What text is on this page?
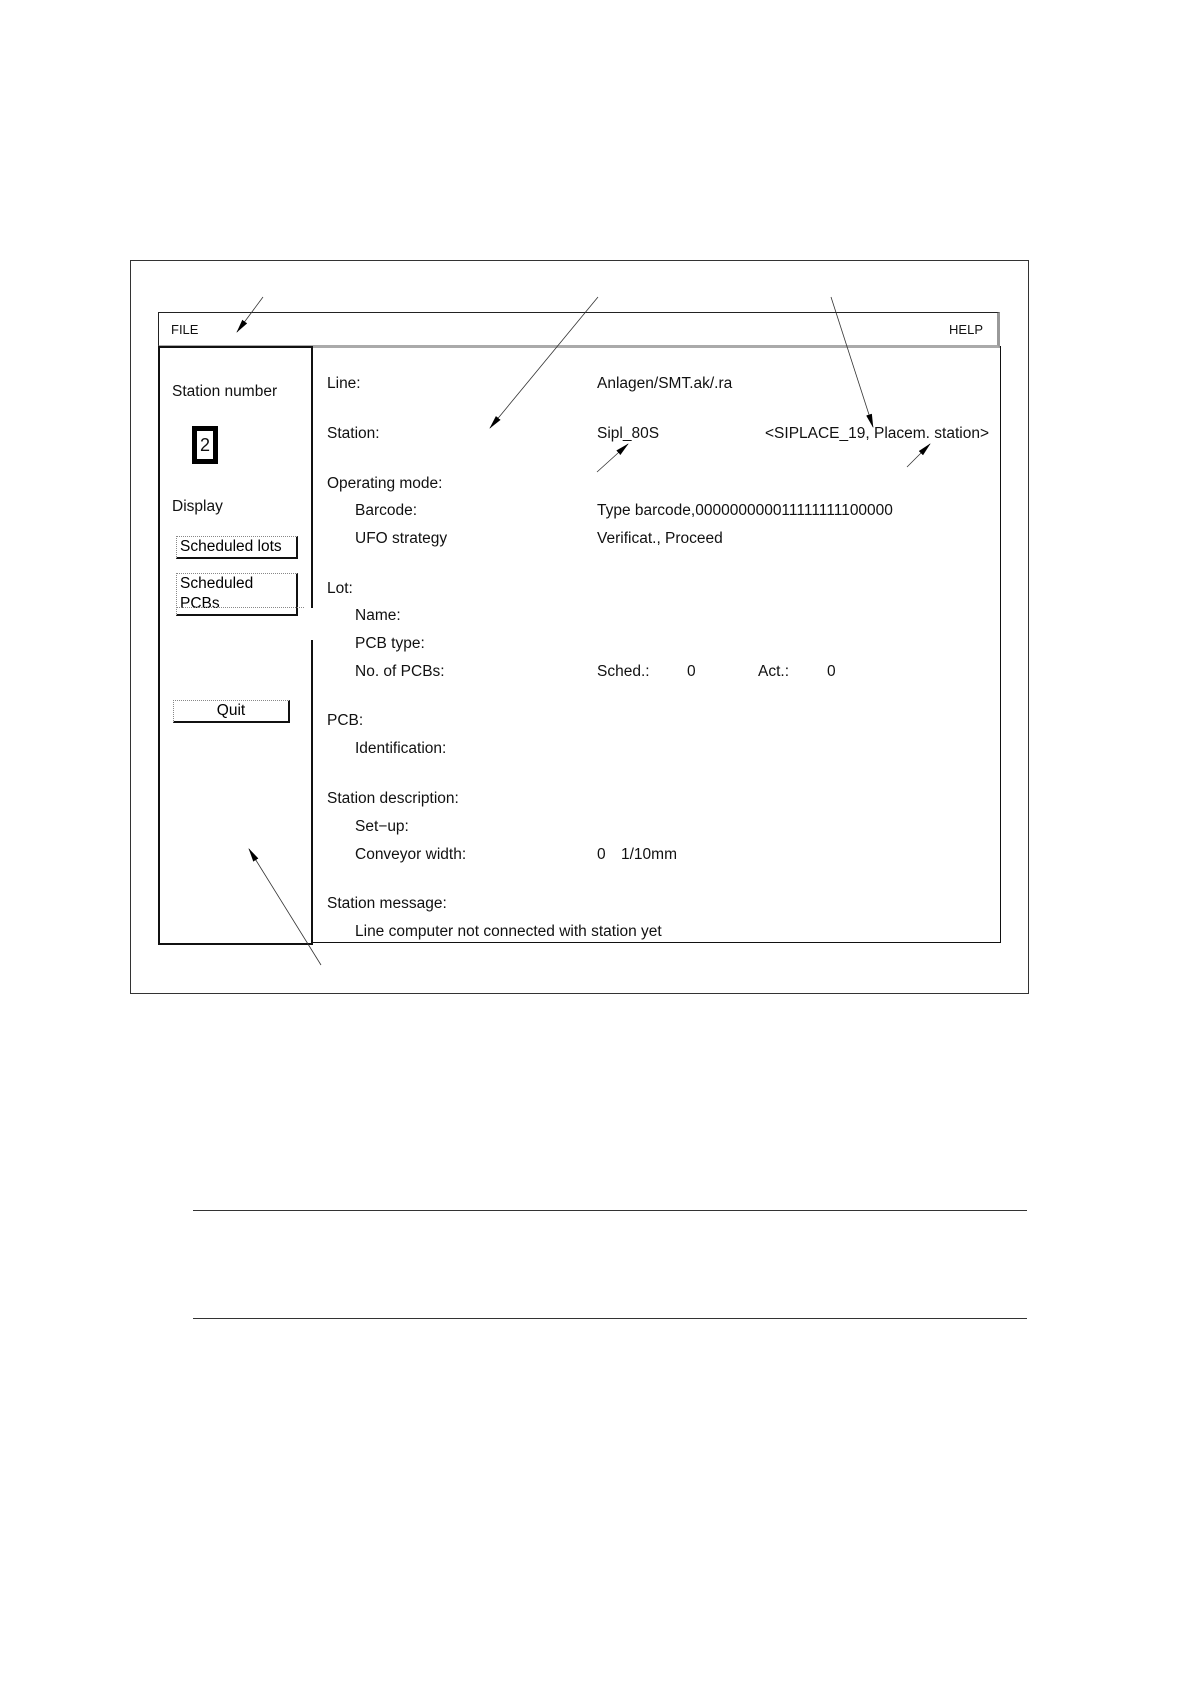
FILE	HELP
Station number
2
Display
Scheduled lots
Scheduled PCBs
Quit
Line:	Anlagen/SMT.ak/.ra
Station:	Sipl_80S	<SIPLACE_19, Placem. station>
Operating mode:
Barcode:	Type barcode,000000000011111111100000
UFO strategy	Verificat., Proceed
Lot:
Name:
PCB type:
No. of PCBs:	Sched.: 0	Act.: 0
PCB:
Identification:
Station description:
Set−up:
Conveyor width:	0 1/10mm
Station message:
Line computer not connected with station yet
